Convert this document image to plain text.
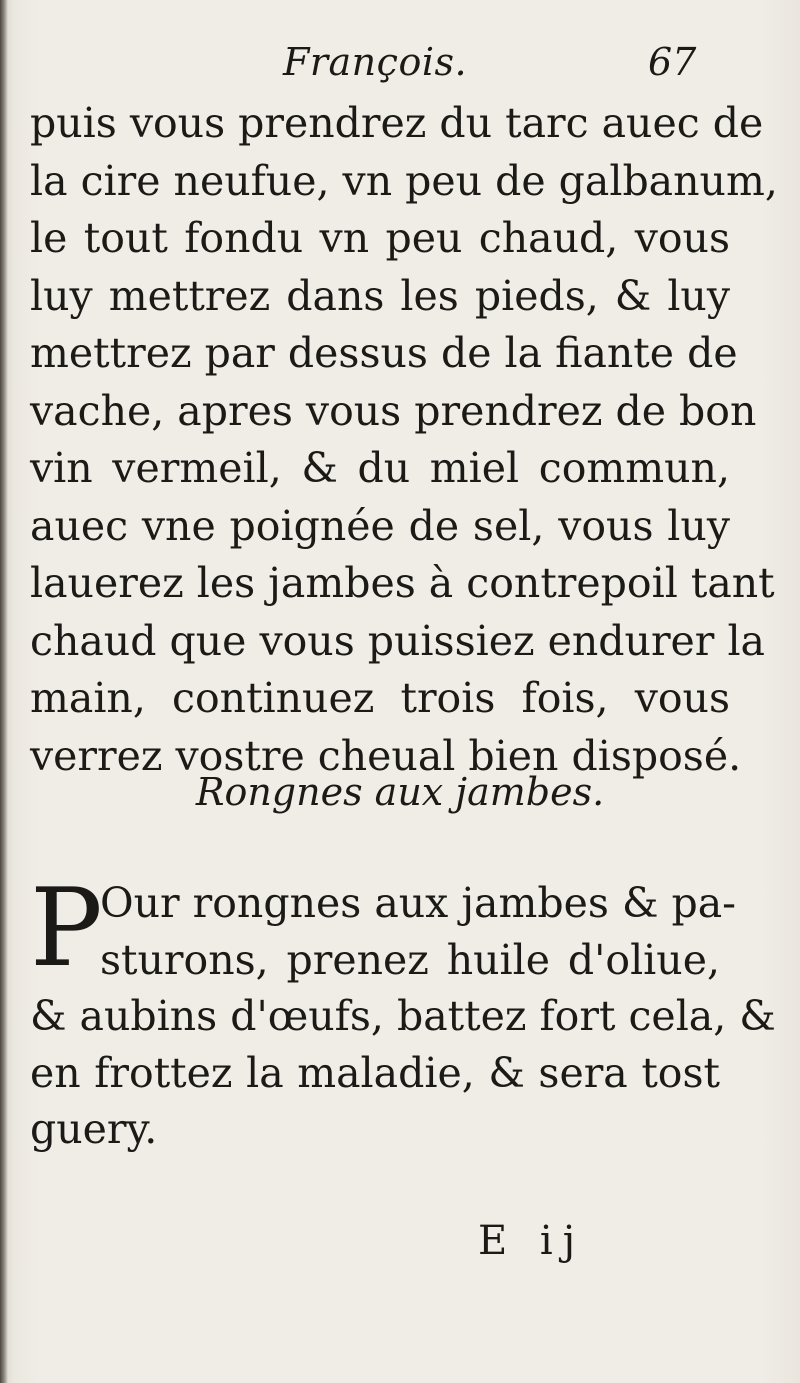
François.	67
puis vous prendrez du tarc auec de
la cire neufue, vn peu de galbanum,
le tout fondu vn peu chaud, vous
luy mettrez dans les pieds, & luy
mettrez par dessus de la fiante de
vache, apres vous prendrez de bon
vin vermeil, & du miel commun,
auec vne poignée de sel, vous luy
lauerez les jambes à contrepoil tant
chaud que vous puissiez endurer la
main, continuez trois fois, vous
verrez vostre cheual bien disposé.
Rongnes aux jambes.
P
Our rongnes aux jambes & pa-
sturons, prenez huile d'oliue,
& aubins d'œufs, battez fort cela, &
en frottez la maladie, & sera tost
guery.
E ij
